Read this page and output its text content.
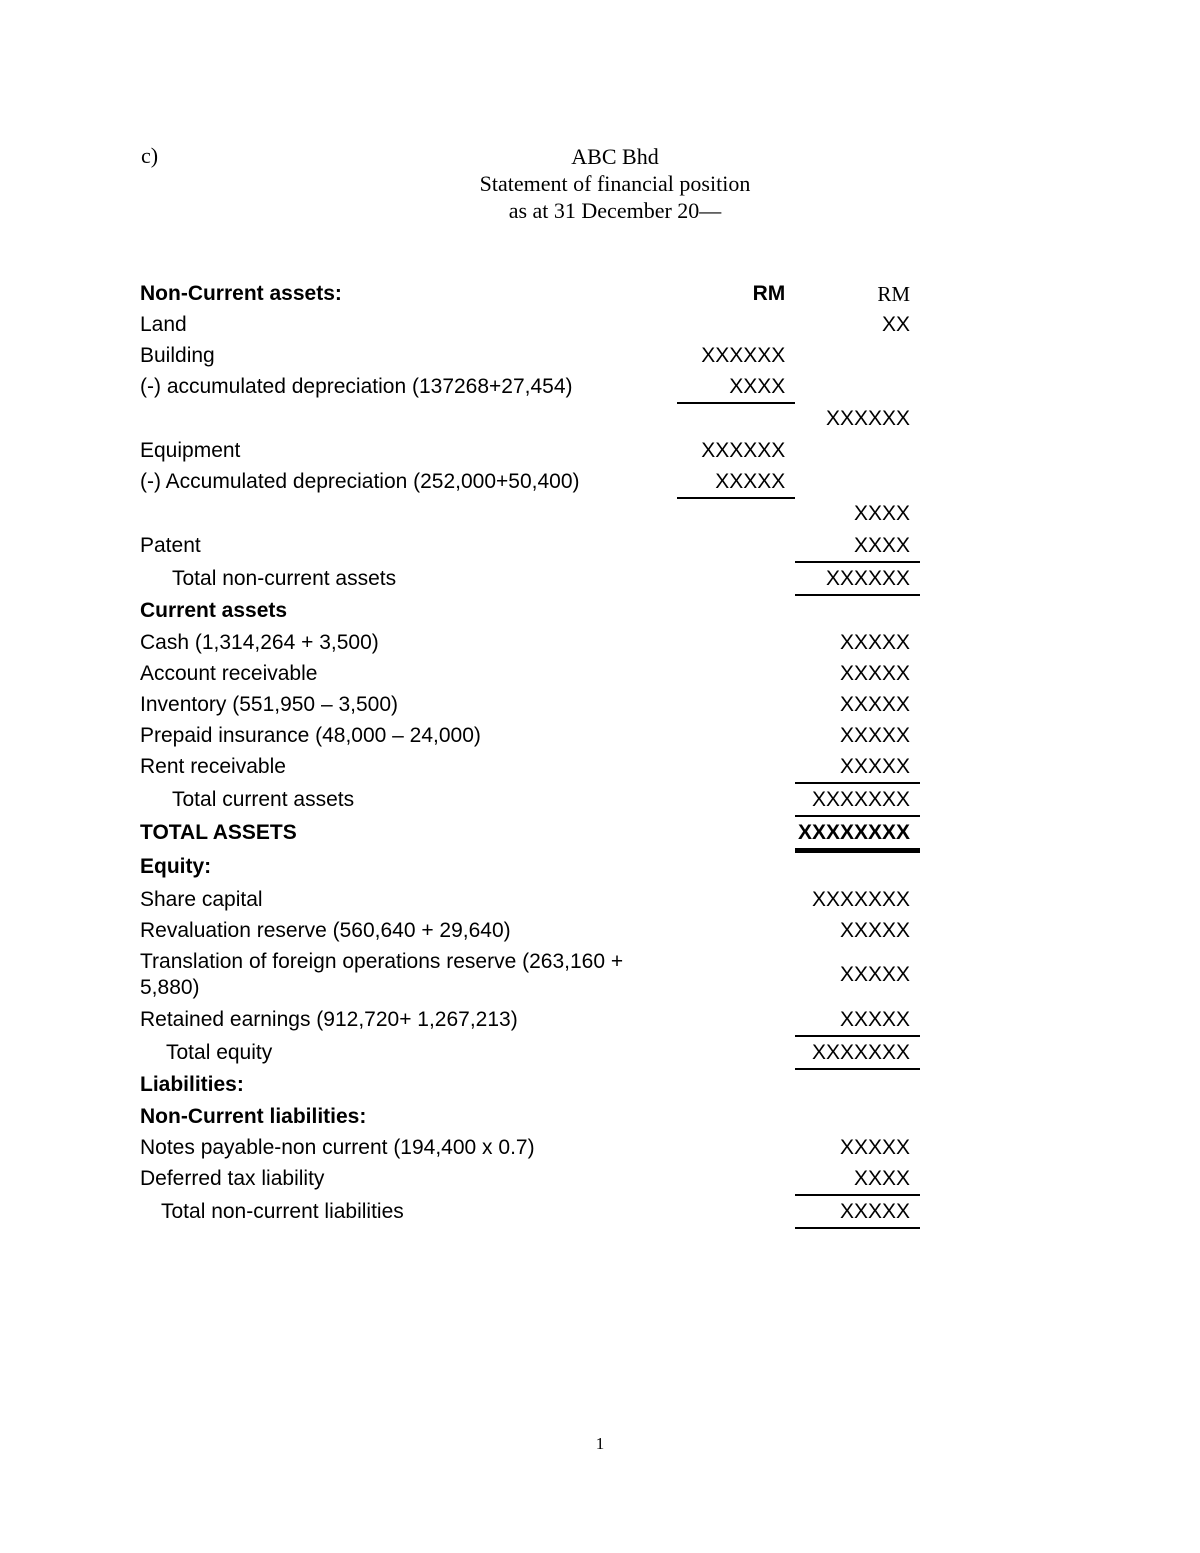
c)	ABC Bhd
Statement of financial position
as at 31 December 20—
Non-Current assets:	RM	RM
Land		XX
Building	XXXXXX	
(-) accumulated depreciation (137268+27,454)	XXXX	
		XXXXXX
Equipment	XXXXXX	
(-) Accumulated depreciation (252,000+50,400)	XXXXX	
		XXXX
Patent		XXXX
Total non-current assets		XXXXXX
Current assets		
Cash (1,314,264 + 3,500)		XXXXX
Account receivable		XXXXX
Inventory (551,950 – 3,500)		XXXXX
Prepaid insurance (48,000 – 24,000)		XXXXX
Rent receivable		XXXXX
Total current assets		XXXXXXX
TOTAL ASSETS		XXXXXXXX
Equity:		
Share capital		XXXXXXX
Revaluation reserve (560,640 + 29,640)		XXXXX
Translation of foreign operations reserve (263,160 + 5,880)		XXXXX
Retained earnings (912,720+ 1,267,213)		XXXXX
Total equity		XXXXXXX
Liabilities:		
Non-Current liabilities:		
Notes payable-non current (194,400 x 0.7)		XXXXX
Deferred tax liability		XXXX
Total non-current liabilities		XXXXX
1
